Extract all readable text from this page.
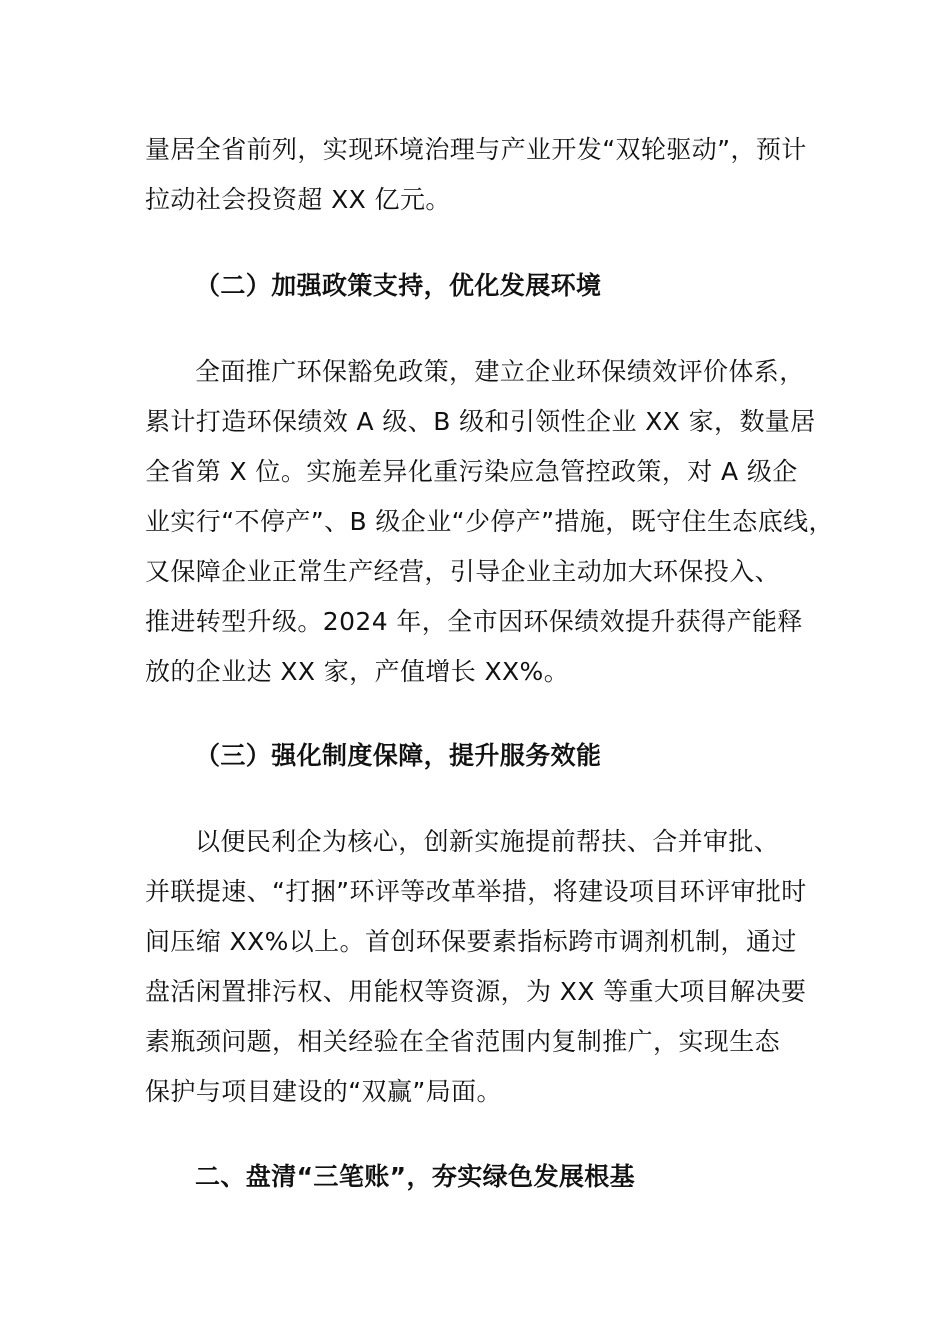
量居全省前列，实现环境治理与产业开发“双轮驱动”，预计
拉动社会投资超 XX 亿元。
（二）加强政策支持，优化发展环境
全面推广环保豁免政策，建立企业环保绩效评价体系，
累计打造环保绩效 A 级、B 级和引领性企业 XX 家，数量居
全省第 X 位。实施差异化重污染应急管控政策，对 A 级企
业实行“不停产”、B 级企业“少停产”措施，既守住生态底线，
又保障企业正常生产经营，引导企业主动加大环保投入、
推进转型升级。2024 年，全市因环保绩效提升获得产能释
放的企业达 XX 家，产值增长 XX%。
（三）强化制度保障，提升服务效能
以便民利企为核心，创新实施提前帮扶、合并审批、
并联提速、“打捆”环评等改革举措，将建设项目环评审批时
间压缩 XX%以上。首创环保要素指标跨市调剂机制，通过
盘活闲置排污权、用能权等资源，为 XX 等重大项目解决要
素瓶颈问题，相关经验在全省范围内复制推广，实现生态
保护与项目建设的“双赢”局面。
二、盘清“三笔账”，夯实绿色发展根基
